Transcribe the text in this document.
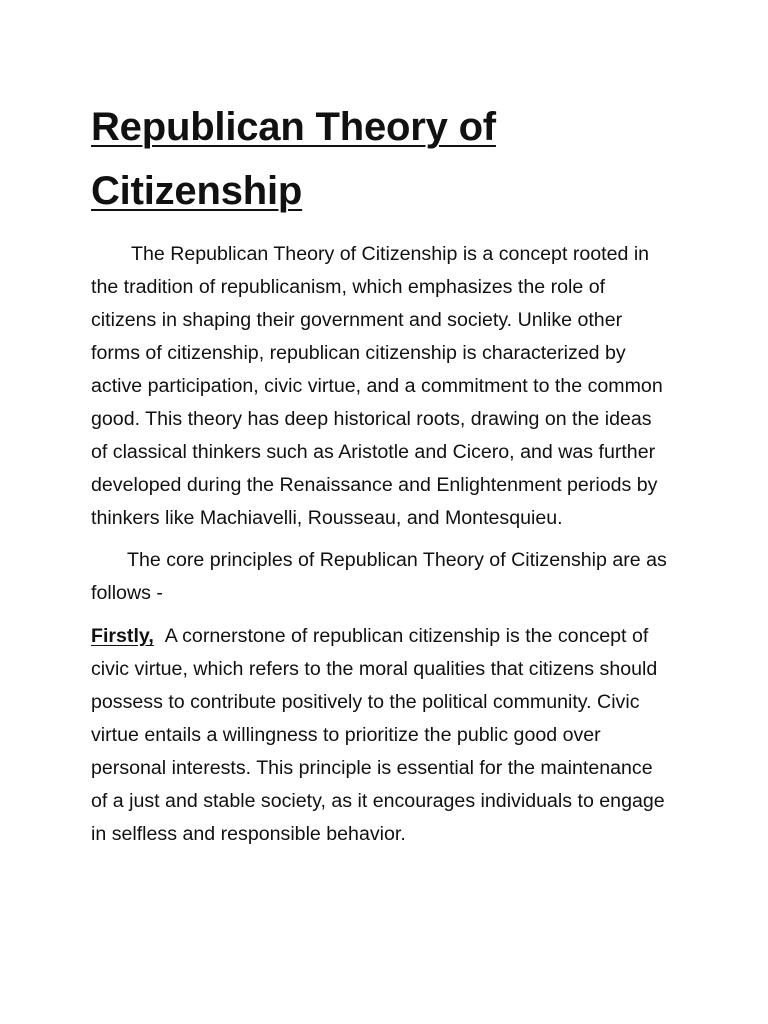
Republican Theory of Citizenship

The Republican Theory of Citizenship is a concept rooted in the tradition of republicanism, which emphasizes the role of citizens in shaping their government and society. Unlike other forms of citizenship, republican citizenship is characterized by active participation, civic virtue, and a commitment to the common good. This theory has deep historical roots, drawing on the ideas of classical thinkers such as Aristotle and Cicero, and was further developed during the Renaissance and Enlightenment periods by thinkers like Machiavelli, Rousseau, and Montesquieu.

The core principles of Republican Theory of Citizenship are as follows -

Firstly, A cornerstone of republican citizenship is the concept of civic virtue, which refers to the moral qualities that citizens should possess to contribute positively to the political community. Civic virtue entails a willingness to prioritize the public good over personal interests. This principle is essential for the maintenance of a just and stable society, as it encourages individuals to engage in selfless and responsible behavior.
